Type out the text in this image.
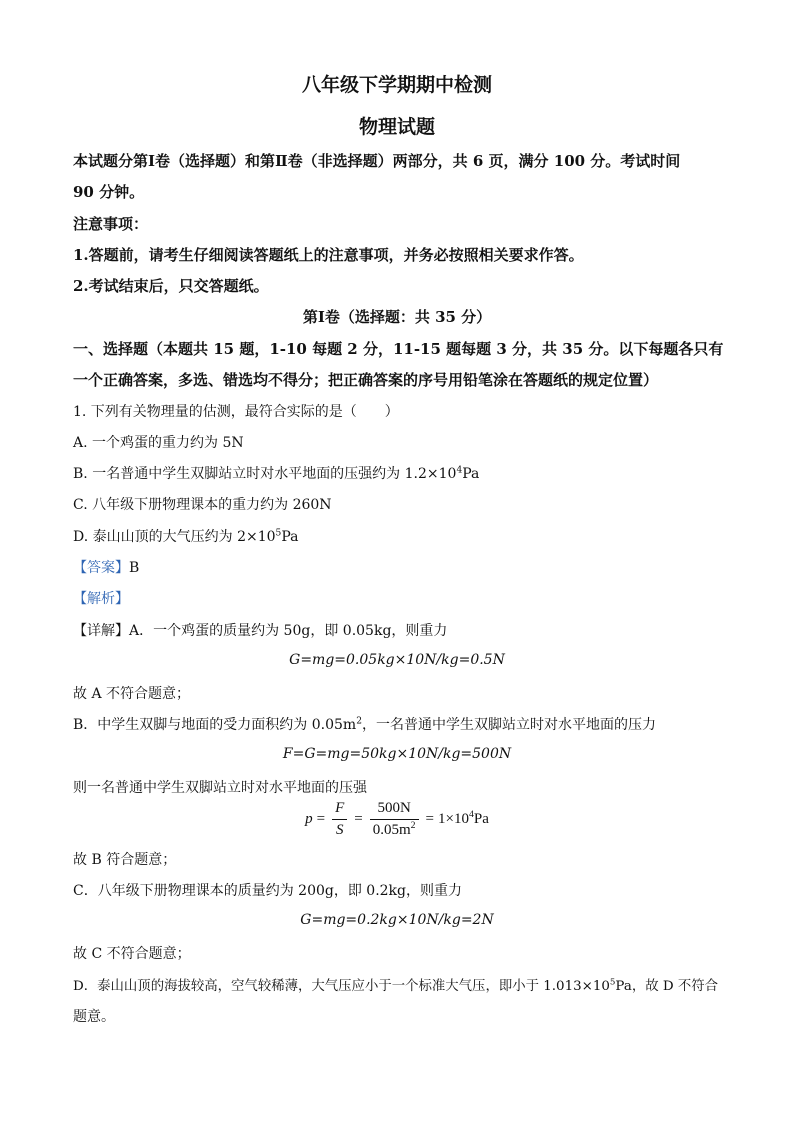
八年级下学期期中检测
物理试题
本试题分第Ⅰ卷（选择题）和第Ⅱ卷（非选择题）两部分，共 6 页，满分 100 分。考试时间
90 分钟。
注意事项：
1.答题前，请考生仔细阅读答题纸上的注意事项，并务必按照相关要求作答。
2.考试结束后，只交答题纸。
第Ⅰ卷（选择题：共 35 分）
一、选择题（本题共 15 题，1-10 每题 2 分，11-15 题每题 3 分，共 35 分。以下每题各只有
一个正确答案，多选、错选均不得分；把正确答案的序号用铅笔涂在答题纸的规定位置）
1. 下列有关物理量的估测，最符合实际的是（　　）
A. 一个鸡蛋的重力约为 5N
B. 一名普通中学生双脚站立时对水平地面的压强约为 $1.2\times 10^4Pa$
C. 八年级下册物理课本的重力约为 260N
D. 泰山山顶的大气压约为 $2\times 10^5Pa$
【答案】B
【解析】
【详解】A．一个鸡蛋的质量约为 50g，即 0.05kg，则重力
G=mg=0.05kg×10N/kg=0.5N
故 A 不符合题意；
B．中学生双脚与地面的受力面积约为 $0.05m^2$，一名普通中学生双脚站立时对水平地面的压力
F=G=mg=50kg×10N/kg=500N
则一名普通中学生双脚站立时对水平地面的压强
$p = \frac{F}{S} = \frac{500N}{0.05m^2} = 1\times 10^4Pa$
故 B 符合题意；
C．八年级下册物理课本的质量约为 200g，即 0.2kg，则重力
G=mg=0.2kg×10N/kg=2N
故 C 不符合题意；
D．泰山山顶的海拔较高，空气较稀薄，大气压应小于一个标准大气压，即小于 $1.013\times 10^5Pa$，故 D 不符合
题意。
